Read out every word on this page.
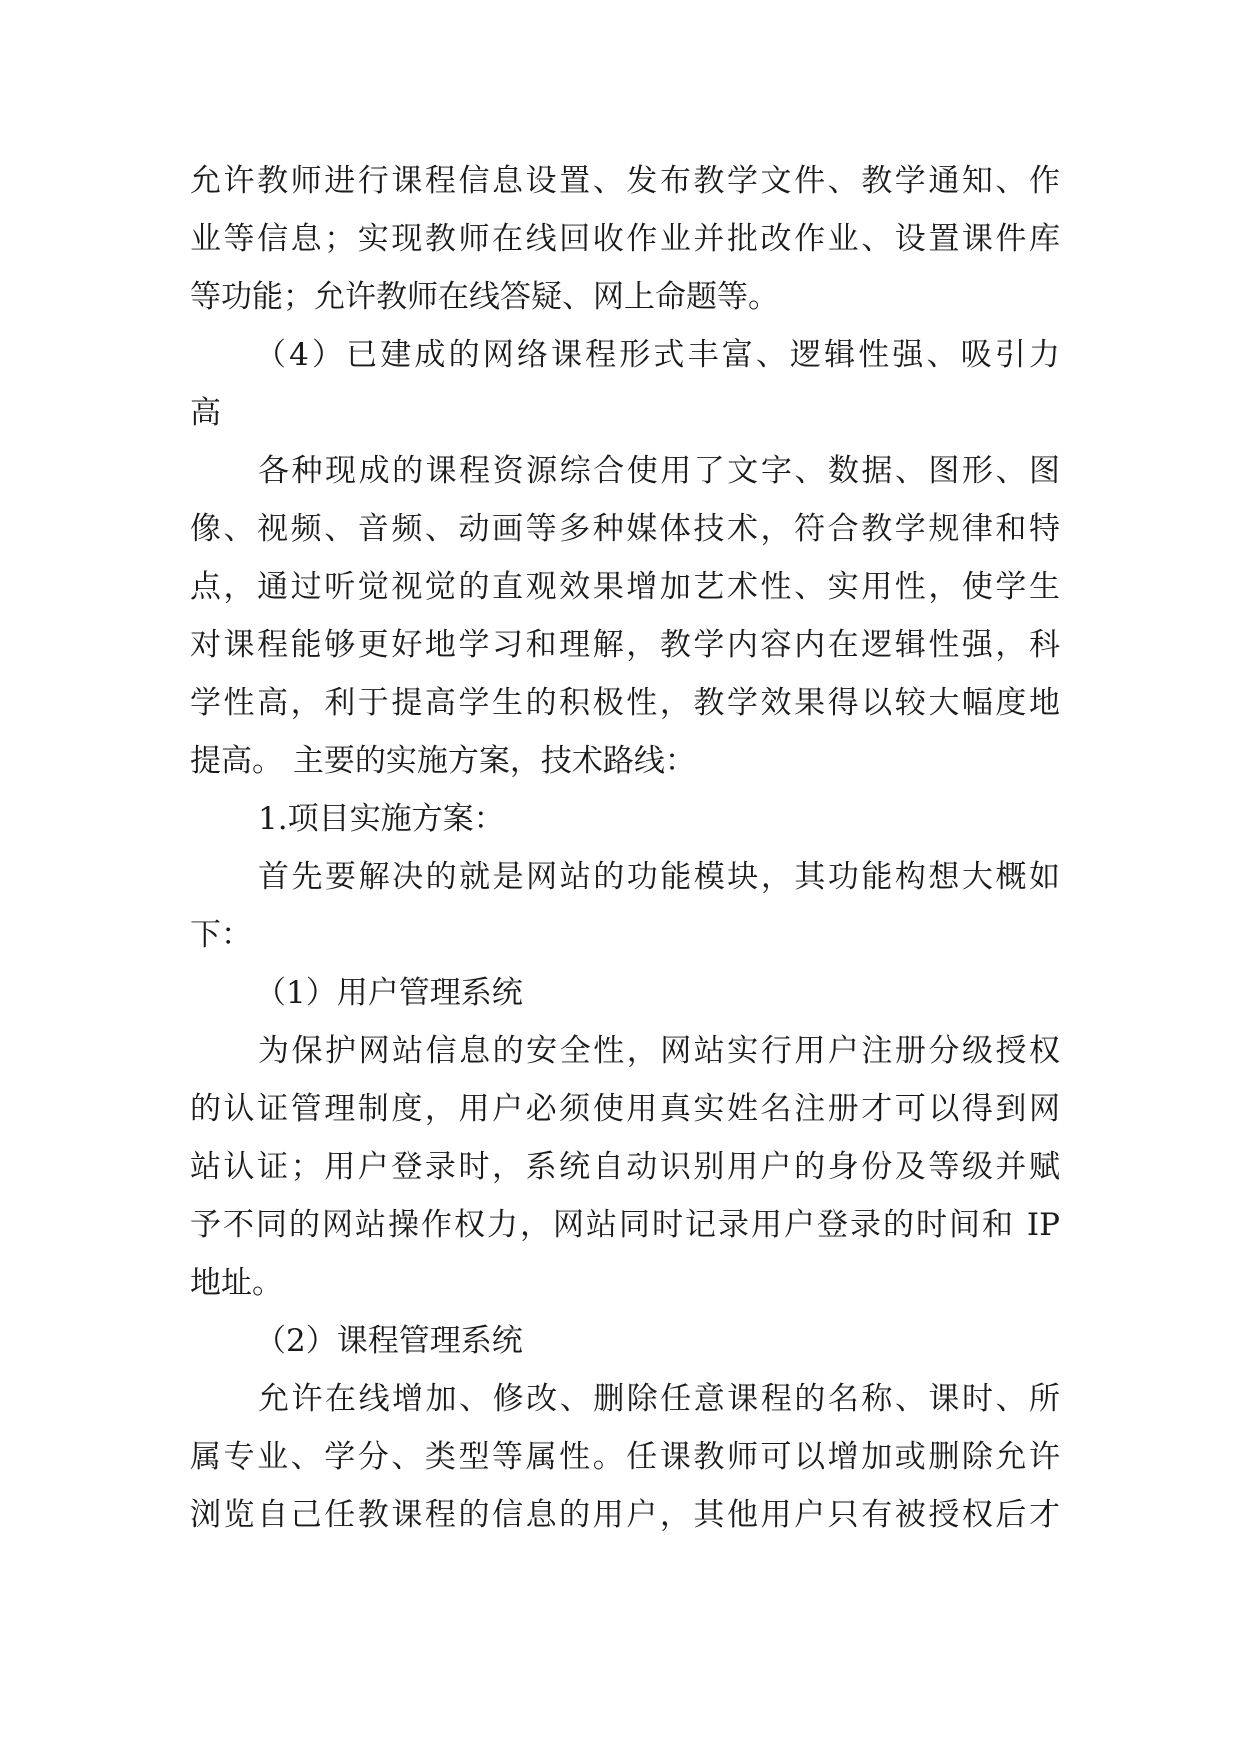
允许教师进行课程信息设置、发布教学文件、教学通知、作
业等信息；实现教师在线回收作业并批改作业、设置课件库
等功能；允许教师在线答疑、网上命题等。
（4）已建成的网络课程形式丰富、逻辑性强、吸引力
高
各种现成的课程资源综合使用了文字、数据、图形、图
像、视频、音频、动画等多种媒体技术，符合教学规律和特
点，通过听觉视觉的直观效果增加艺术性、实用性，使学生
对课程能够更好地学习和理解，教学内容内在逻辑性强，科
学性高，利于提高学生的积极性，教学效果得以较大幅度地
提高。 主要的实施方案，技术路线：
1.项目实施方案：
首先要解决的就是网站的功能模块，其功能构想大概如
下：
（1）用户管理系统
为保护网站信息的安全性，网站实行用户注册分级授权
的认证管理制度，用户必须使用真实姓名注册才可以得到网
站认证；用户登录时，系统自动识别用户的身份及等级并赋
予不同的网站操作权力，网站同时记录用户登录的时间和 IP
地址。
（2）课程管理系统
允许在线增加、修改、删除任意课程的名称、课时、所
属专业、学分、类型等属性。任课教师可以增加或删除允许
浏览自己任教课程的信息的用户，其他用户只有被授权后才
